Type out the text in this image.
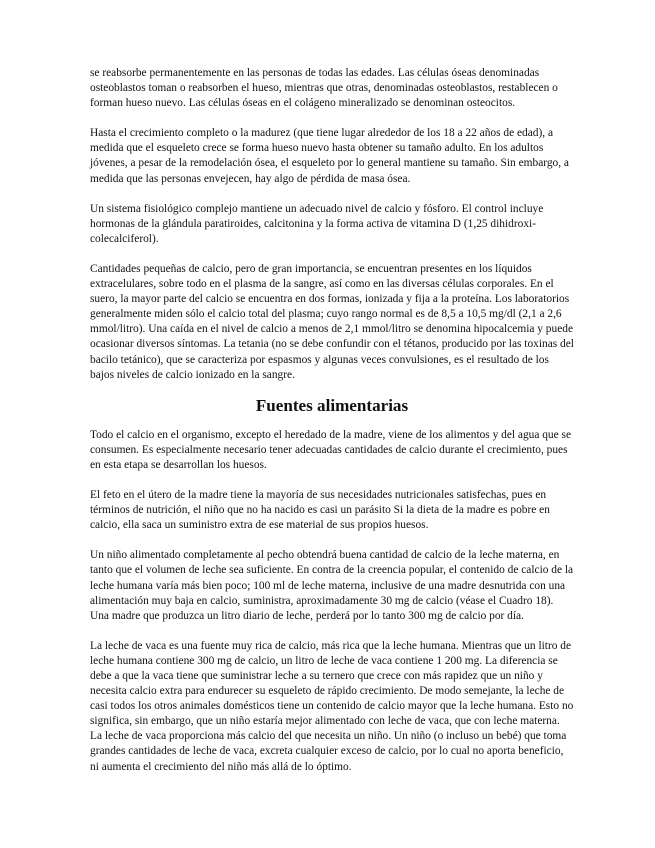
se reabsorbe permanentemente en las personas de todas las edades. Las células óseas denominadas osteoblastos toman o reabsorben el hueso, mientras que otras, denominadas osteoblastos, restablecen o forman hueso nuevo. Las células óseas en el colágeno mineralizado se denominan osteocitos.

Hasta el crecimiento completo o la madurez (que tiene lugar alrededor de los 18 a 22 años de edad), a medida que el esqueleto crece se forma hueso nuevo hasta obtener su tamaño adulto. En los adultos jóvenes, a pesar de la remodelación ósea, el esqueleto por lo general mantiene su tamaño. Sin embargo, a medida que las personas envejecen, hay algo de pérdida de masa ósea.

Un sistema fisiológico complejo mantiene un adecuado nivel de calcio y fósforo. El control incluye hormonas de la glándula paratiroides, calcitonina y la forma activa de vitamina D (1,25 dihidroxi-colecalciferol).

Cantidades pequeñas de calcio, pero de gran importancia, se encuentran presentes en los líquidos extracelulares, sobre todo en el plasma de la sangre, así como en las diversas células corporales. En el suero, la mayor parte del calcio se encuentra en dos formas, ionizada y fija a la proteína. Los laboratorios generalmente miden sólo el calcio total del plasma; cuyo rango normal es de 8,5 a 10,5 mg/dl (2,1 a 2,6 mmol/litro). Una caída en el nivel de calcio a menos de 2,1 mmol/litro se denomina hipocalcemia y puede ocasionar diversos síntomas. La tetania (no se debe confundir con el tétanos, producido por las toxinas del bacilo tetánico), que se caracteriza por espasmos y algunas veces convulsiones, es el resultado de los bajos niveles de calcio ionizado en la sangre.

Fuentes alimentarias

Todo el calcio en el organismo, excepto el heredado de la madre, viene de los alimentos y del agua que se consumen. Es especialmente necesario tener adecuadas cantidades de calcio durante el crecimiento, pues en esta etapa se desarrollan los huesos.

El feto en el útero de la madre tiene la mayoría de sus necesidades nutricionales satisfechas, pues en términos de nutrición, el niño que no ha nacido es casi un parásito Si la dieta de la madre es pobre en calcio, ella saca un suministro extra de ese material de sus propios huesos.

Un niño alimentado completamente al pecho obtendrá buena cantidad de calcio de la leche materna, en tanto que el volumen de leche sea suficiente. En contra de la creencia popular, el contenido de calcio de la leche humana varía más bien poco; 100 ml de leche materna, inclusive de una madre desnutrida con una alimentación muy baja en calcio, suministra, aproximadamente 30 mg de calcio (véase el Cuadro 18). Una madre que produzca un litro diario de leche, perderá por lo tanto 300 mg de calcio por día.

La leche de vaca es una fuente muy rica de calcio, más rica que la leche humana. Mientras que un litro de leche humana contiene 300 mg de calcio, un litro de leche de vaca contiene 1 200 mg. La diferencia se debe a que la vaca tiene que suministrar leche a su ternero que crece con más rapidez que un niño y necesita calcio extra para endurecer su esqueleto de rápido crecimiento. De modo semejante, la leche de casi todos los otros animales domésticos tiene un contenido de calcio mayor que la leche humana. Esto no significa, sin embargo, que un niño estaría mejor alimentado con leche de vaca, que con leche materna. La leche de vaca proporciona más calcio del que necesita un niño. Un niño (o incluso un bebé) que toma grandes cantidades de leche de vaca, excreta cualquier exceso de calcio, por lo cual no aporta beneficio, ni aumenta el crecimiento del niño más allá de lo óptimo.
